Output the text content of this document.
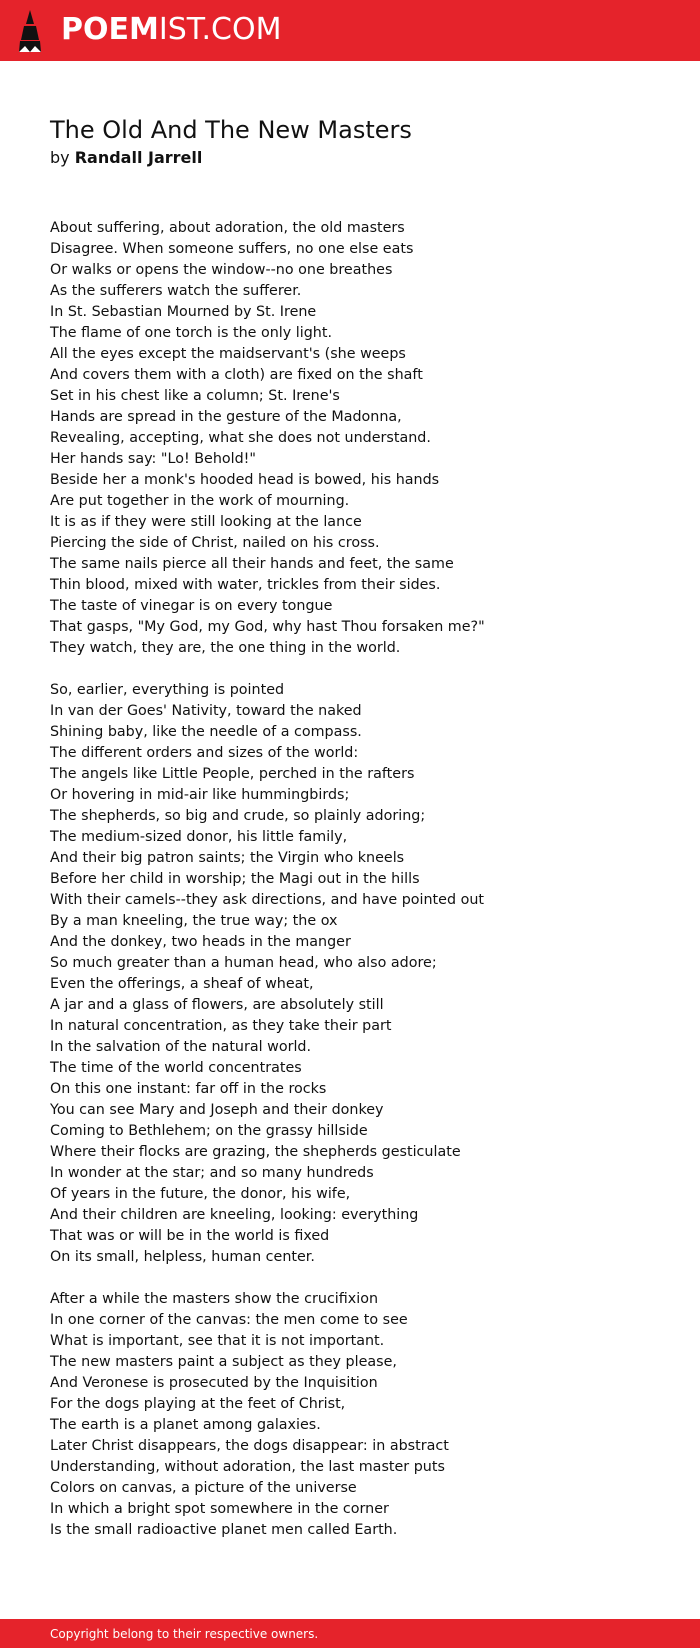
POEMIST.COM
The Old And The New Masters
by Randall Jarrell
About suffering, about adoration, the old masters
Disagree. When someone suffers, no one else eats
Or walks or opens the window--no one breathes
As the sufferers watch the sufferer.
In St. Sebastian Mourned by St. Irene
The flame of one torch is the only light.
All the eyes except the maidservant's (she weeps
And covers them with a cloth) are fixed on the shaft
Set in his chest like a column; St. Irene's
Hands are spread in the gesture of the Madonna,
Revealing, accepting, what she does not understand.
Her hands say: "Lo! Behold!"
Beside her a monk's hooded head is bowed, his hands
Are put together in the work of mourning.
It is as if they were still looking at the lance
Piercing the side of Christ, nailed on his cross.
The same nails pierce all their hands and feet, the same
Thin blood, mixed with water, trickles from their sides.
The taste of vinegar is on every tongue
That gasps, "My God, my God, why hast Thou forsaken me?"
They watch, they are, the one thing in the world.
So, earlier, everything is pointed
In van der Goes' Nativity, toward the naked
Shining baby, like the needle of a compass.
The different orders and sizes of the world:
The angels like Little People, perched in the rafters
Or hovering in mid-air like hummingbirds;
The shepherds, so big and crude, so plainly adoring;
The medium-sized donor, his little family,
And their big patron saints; the Virgin who kneels
Before her child in worship; the Magi out in the hills
With their camels--they ask directions, and have pointed out
By a man kneeling, the true way; the ox
And the donkey, two heads in the manger
So much greater than a human head, who also adore;
Even the offerings, a sheaf of wheat,
A jar and a glass of flowers, are absolutely still
In natural concentration, as they take their part
In the salvation of the natural world.
The time of the world concentrates
On this one instant: far off in the rocks
You can see Mary and Joseph and their donkey
Coming to Bethlehem; on the grassy hillside
Where their flocks are grazing, the shepherds gesticulate
In wonder at the star; and so many hundreds
Of years in the future, the donor, his wife,
And their children are kneeling, looking: everything
That was or will be in the world is fixed
On its small, helpless, human center.
After a while the masters show the crucifixion
In one corner of the canvas: the men come to see
What is important, see that it is not important.
The new masters paint a subject as they please,
And Veronese is prosecuted by the Inquisition
For the dogs playing at the feet of Christ,
The earth is a planet among galaxies.
Later Christ disappears, the dogs disappear: in abstract
Understanding, without adoration, the last master puts
Colors on canvas, a picture of the universe
In which a bright spot somewhere in the corner
Is the small radioactive planet men called Earth.
Copyright belong to their respective owners.
